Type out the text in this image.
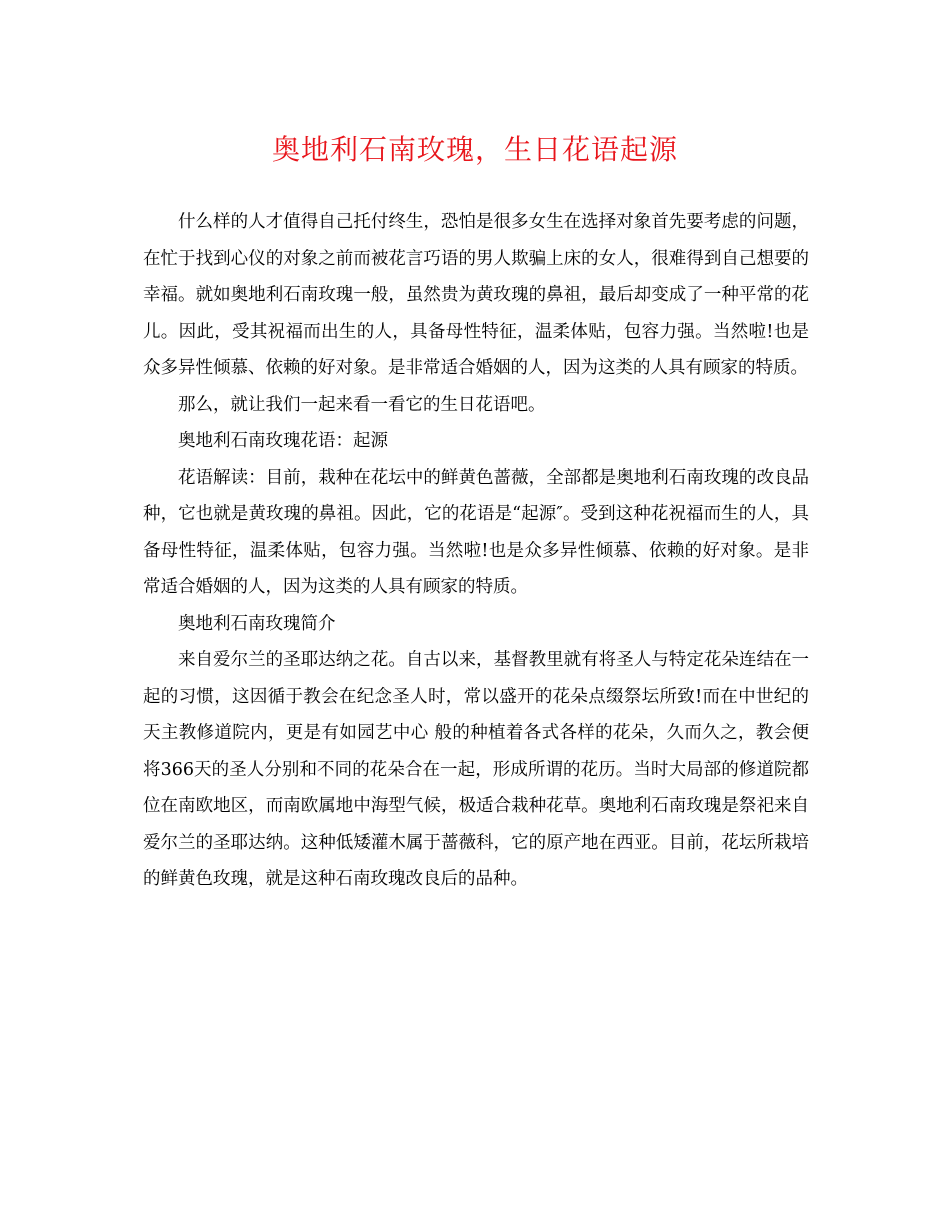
奥地利石南玫瑰，生日花语起源

什么样的人才值得自己托付终生，恐怕是很多女生在选择对象首先要考虑的问题，在忙于找到心仪的对象之前而被花言巧语的男人欺骗上床的女人，很难得到自己想要的幸福。就如奥地利石南玫瑰一般，虽然贵为黄玫瑰的鼻祖，最后却变成了一种平常的花儿。因此，受其祝福而出生的人，具备母性特征，温柔体贴，包容力强。当然啦!也是众多异性倾慕、依赖的好对象。是非常适合婚姻的人，因为这类的人具有顾家的特质。

那么，就让我们一起来看一看它的生日花语吧。

奥地利石南玫瑰花语：起源

花语解读：目前，栽种在花坛中的鲜黄色蔷薇，全部都是奥地利石南玫瑰的改良品种，它也就是黄玫瑰的鼻祖。因此，它的花语是“起源″。受到这种花祝福而生的人，具备母性特征，温柔体贴，包容力强。当然啦!也是众多异性倾慕、依赖的好对象。是非常适合婚姻的人，因为这类的人具有顾家的特质。

奥地利石南玫瑰简介

来自爱尔兰的圣耶达纳之花。自古以来，基督教里就有将圣人与特定花朵连结在一起的习惯，这因循于教会在纪念圣人时，常以盛开的花朵点缀祭坛所致!而在中世纪的天主教修道院内，更是有如园艺中心 般的种植着各式各样的花朵，久而久之，教会便将366天的圣人分别和不同的花朵合在一起，形成所谓的花历。当时大局部的修道院都位在南欧地区，而南欧属地中海型气候，极适合栽种花草。奥地利石南玫瑰是祭祀来自爱尔兰的圣耶达纳。这种低矮灌木属于蔷薇科，它的原产地在西亚。目前，花坛所栽培的鲜黄色玫瑰，就是这种石南玫瑰改良后的品种。
